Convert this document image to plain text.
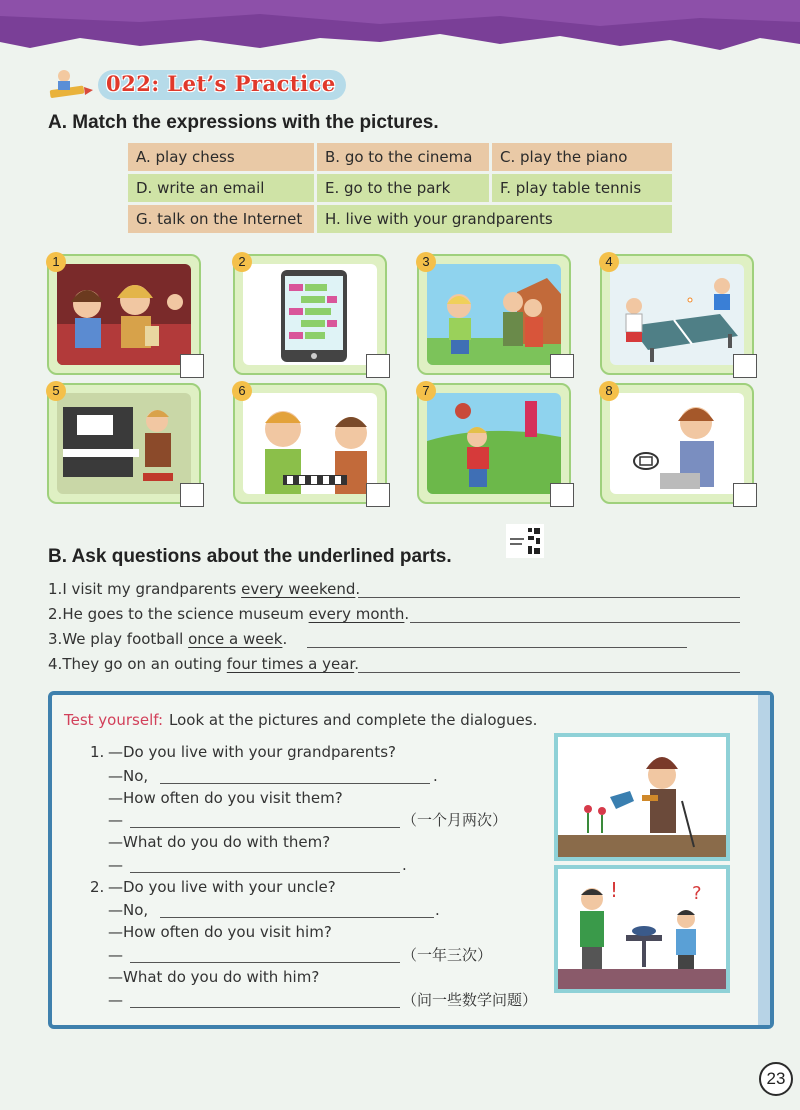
022: Let’s Practice
A. Match the expressions with the pictures.
A. play chess	B. go to the cinema	C. play the piano
D. write an email	E. go to the park	F. play table tennis
G. talk on the Internet	H. live with your grandparents
1	2	3	4
5	6	7	8
B. Ask questions about the underlined parts.
1.I visit my grandparents every weekend.
2.He goes to the science museum every month.
3.We play football once a week.
4.They go on an outing four times a year.
Test yourself: Look at the pictures and complete the dialogues.
1. —Do you live with your grandparents?
—No,	.
—How often do you visit them?
—	（一个月两次）
—What do you do with them?
—	.
2. —Do you live with your uncle?
—No,	.
—How often do you visit him?
—	（一年三次）
—What do you do with him?
—	（问一些数学问题）
!	?
23
